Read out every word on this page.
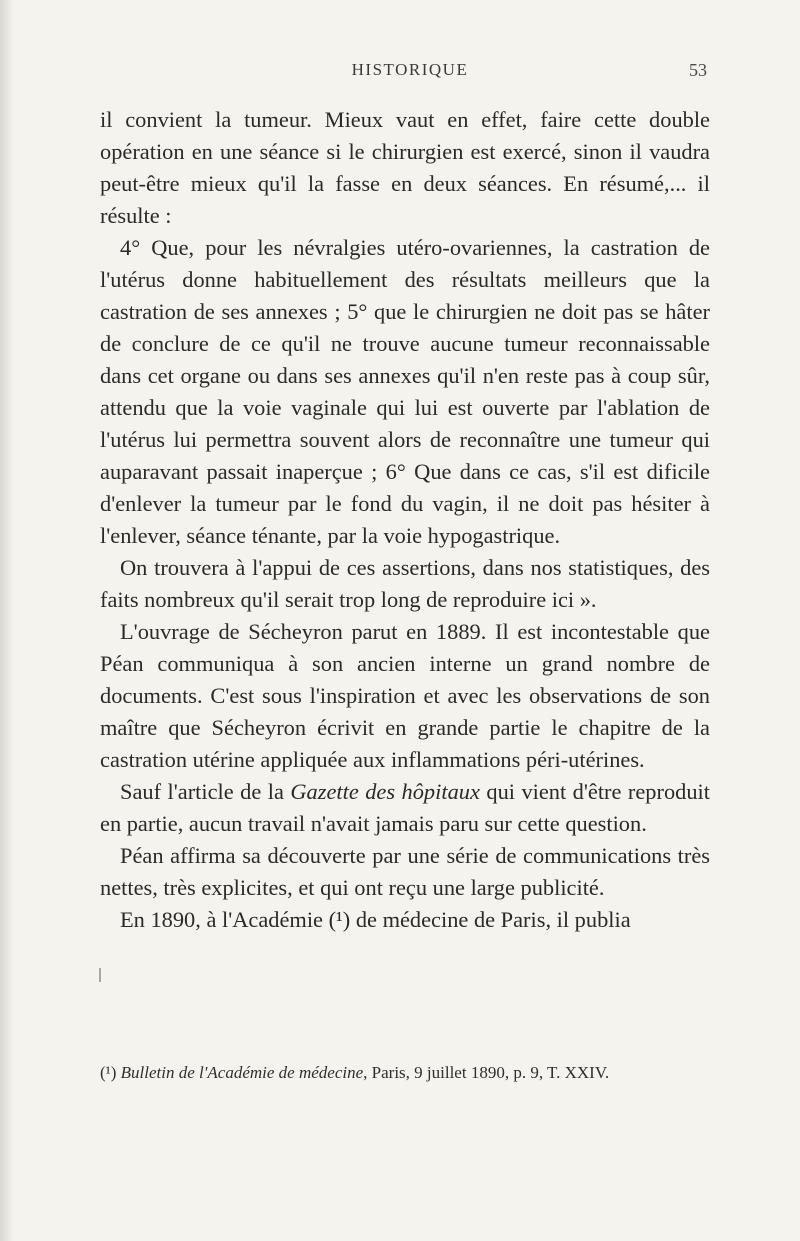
HISTORIQUE	53

il convient la tumeur. Mieux vaut en effet, faire cette double opération en une séance si le chirurgien est exercé, sinon il vaudra peut-être mieux qu'il la fasse en deux séances. En résumé,... il résulte :

4° Que, pour les névralgies utéro-ovariennes, la castration de l'utérus donne habituellement des résultats meilleurs que la castration de ses annexes ; 5° que le chirurgien ne doit pas se hâter de conclure de ce qu'il ne trouve aucune tumeur reconnaissable dans cet organe ou dans ses annexes qu'il n'en reste pas à coup sûr, attendu que la voie vaginale qui lui est ouverte par l'ablation de l'utérus lui permettra souvent alors de reconnaître une tumeur qui auparavant passait inaperçue ; 6° Que dans ce cas, s'il est dificile d'enlever la tumeur par le fond du vagin, il ne doit pas hésiter à l'enlever, séance ténante, par la voie hypogastrique.

On trouvera à l'appui de ces assertions, dans nos statistiques, des faits nombreux qu'il serait trop long de reproduire ici ».

L'ouvrage de Sécheyron parut en 1889. Il est incontestable que Péan communiqua à son ancien interne un grand nombre de documents. C'est sous l'inspiration et avec les observations de son maître que Sécheyron écrivit en grande partie le chapitre de la castration utérine appliquée aux inflammations péri-utérines.

Sauf l'article de la Gazette des hôpitaux qui vient d'être reproduit en partie, aucun travail n'avait jamais paru sur cette question.

Péan affirma sa découverte par une série de communications très nettes, très explicites, et qui ont reçu une large publicité.

En 1890, à l'Académie (¹) de médecine de Paris, il publia

(¹) Bulletin de l'Académie de médecine, Paris, 9 juillet 1890, p. 9, T. XXIV.
